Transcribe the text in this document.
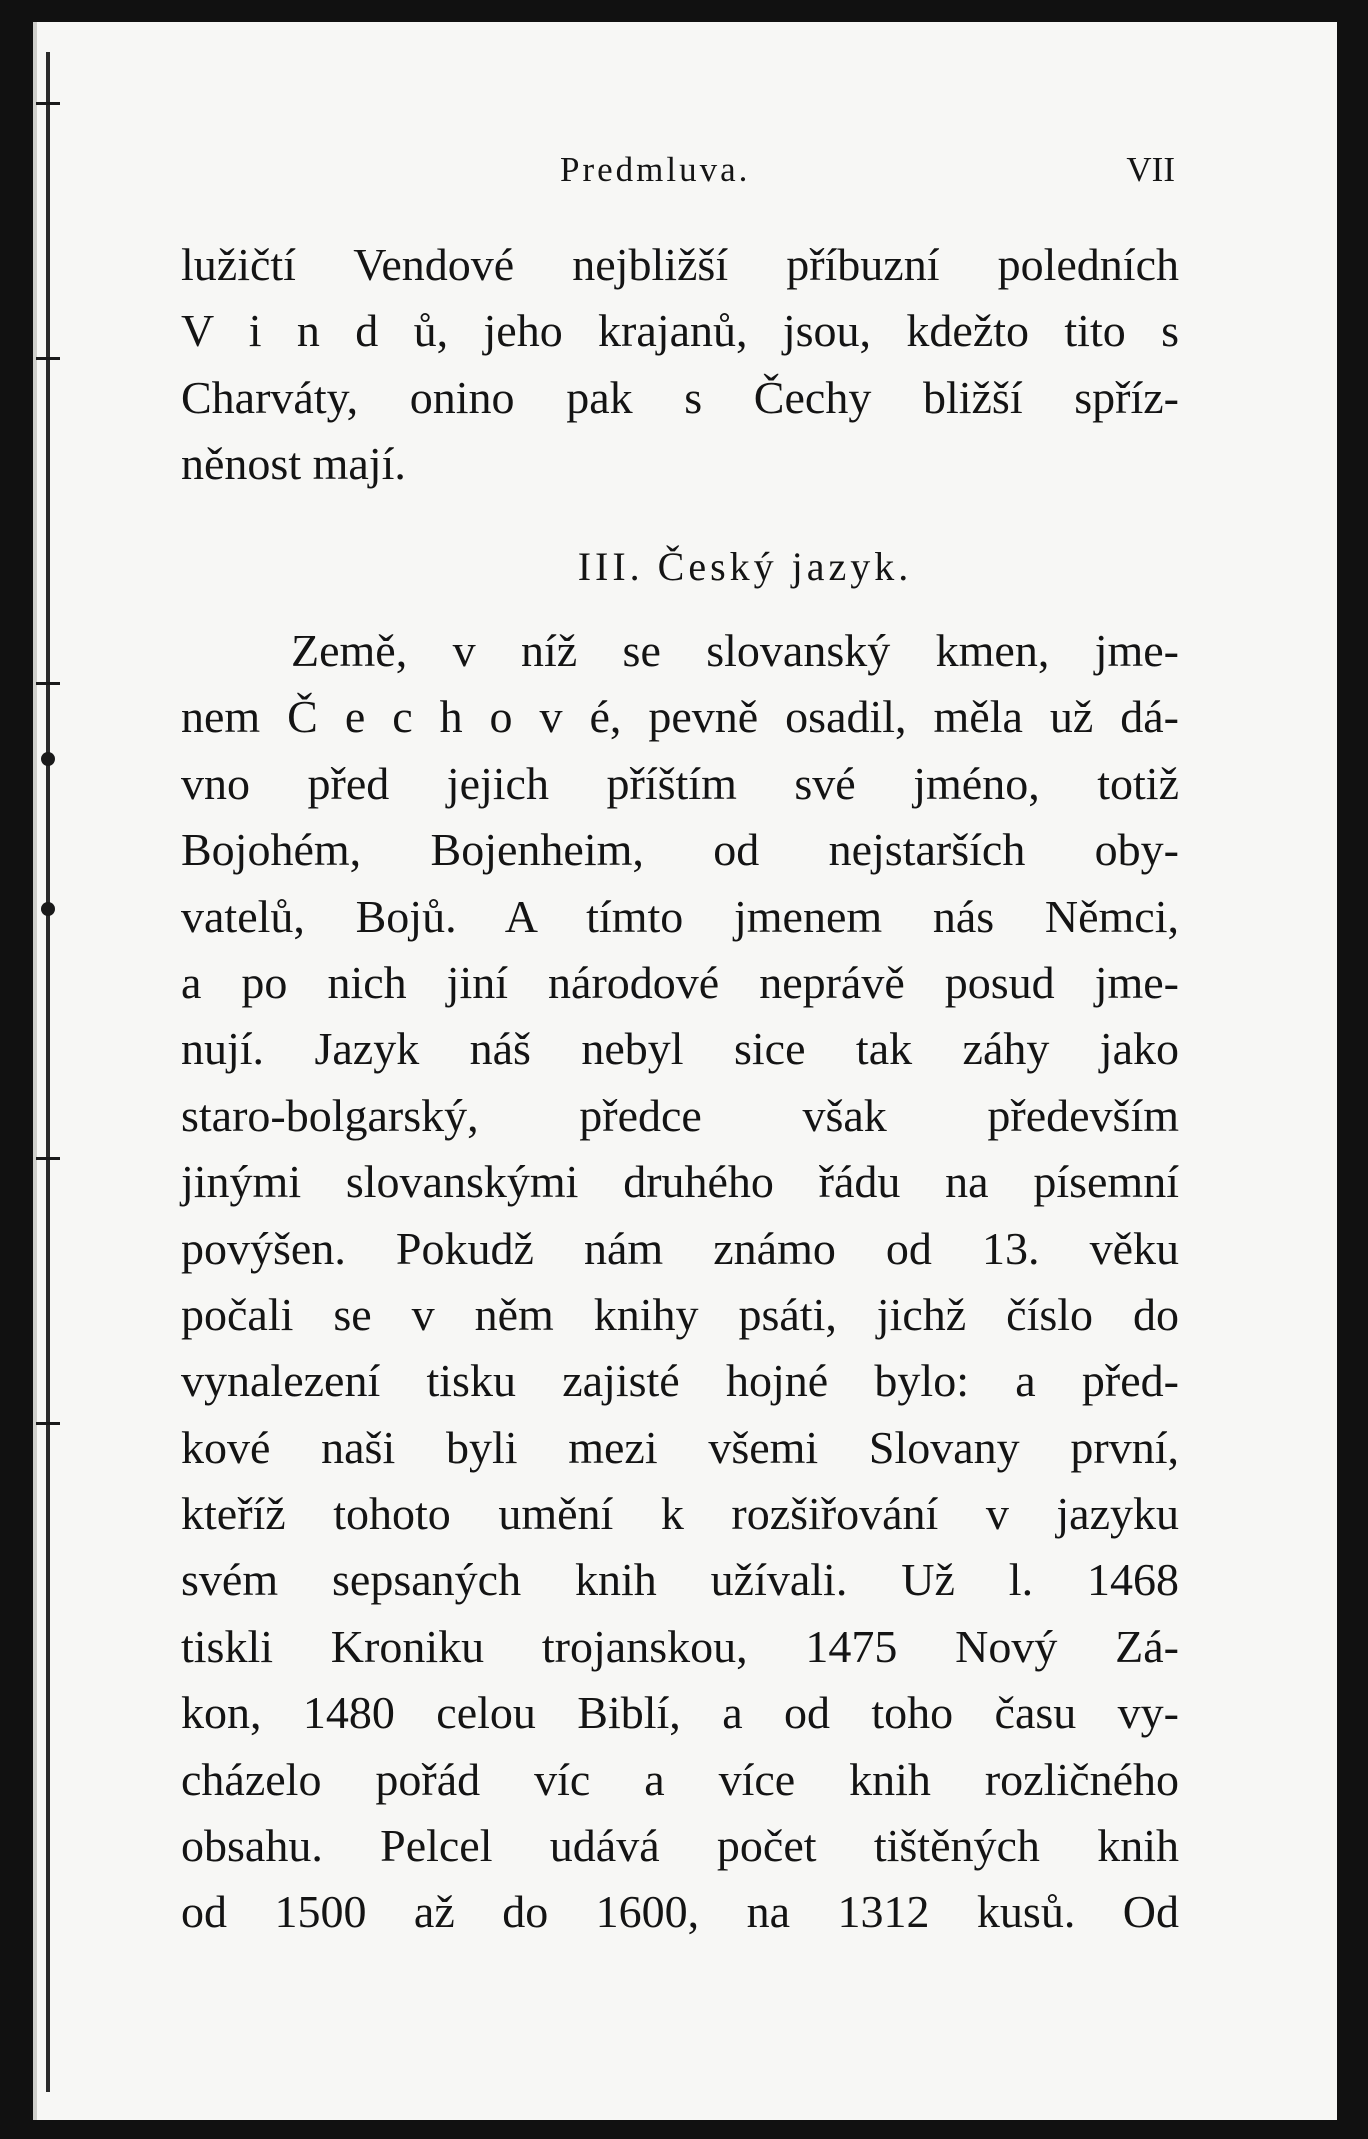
Predmluva.	VII
lužičtí Vendové nejbližší příbuzní poledních
V i n d ů, jeho krajanů, jsou, kdežto tito s
Charváty, onino pak s Čechy bližší spříz-
něnost mají.
III. Český jazyk.
Země, v níž se slovanský kmen, jme-
nem Č e c h o v é, pevně osadil, měla už dá-
vno před jejich příštím své jméno, totiž
Bojohém, Bojenheim, od nejstarších oby-
vatelů, Bojů. A tímto jmenem nás Němci,
a po nich jiní národové neprávě posud jme-
nují. Jazyk náš nebyl sice tak záhy jako
staro-bolgarský, předce však především
jinými slovanskými druhého řádu na písemní
povýšen. Pokudž nám známo od 13. věku
počali se v něm knihy psáti, jichž číslo do
vynalezení tisku zajisté hojné bylo: a před-
kové naši byli mezi všemi Slovany první,
kteříž tohoto umění k rozšiřování v jazyku
svém sepsaných knih užívali. Už l. 1468
tiskli Kroniku trojanskou, 1475 Nový Zá-
kon, 1480 celou Biblí, a od toho času vy-
cházelo pořád víc a více knih rozličného
obsahu. Pelcel udává počet tištěných knih
od 1500 až do 1600, na 1312 kusů. Od
